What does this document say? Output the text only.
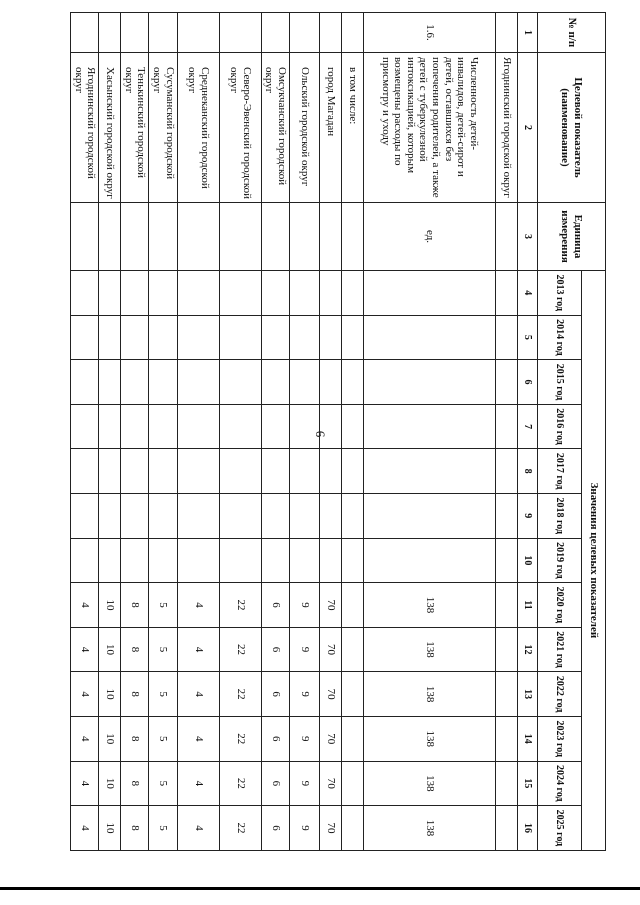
6
№ п/п	Целевой показатель (наименование)	Единица измерения	Значения целевых показателей												
			2013 год	2014 год	2015 год	2016 год	2017 год	2018 год	2019 год	2020 год	2021 год	2022 год	2023 год	2024 год	2025 год
1	2	3	4	5	6	7	8	9	10	11	12	13	14	15	16
	Ягоднинский городской округ														
1.6.	Численность детей-инвалидов, детей-сирот и детей, оставшихся без попечения родителей, а также детей с туберкулезной интоксикацией, которым возмещены расходы по присмотру и уходу	ед.								138	138	138	138	138	138
	в том числе:														
	город Магадан									70	70	70	70	70	70
	Ольский городской округ									9	9	9	9	9	9
	Омсукчанский городской округ									6	6	6	6	6	6
	Северо-Эвенский городской округ									22	22	22	22	22	22
	Среднеканский городской округ									4	4	4	4	4	4
	Сусуманский городской округ									5	5	5	5	5	5
	Тенькинский городской округ									8	8	8	8	8	8
	Хасынский городской округ									10	10	10	10	10	10
	Ягоднинский городской округ									4	4	4	4	4	4
